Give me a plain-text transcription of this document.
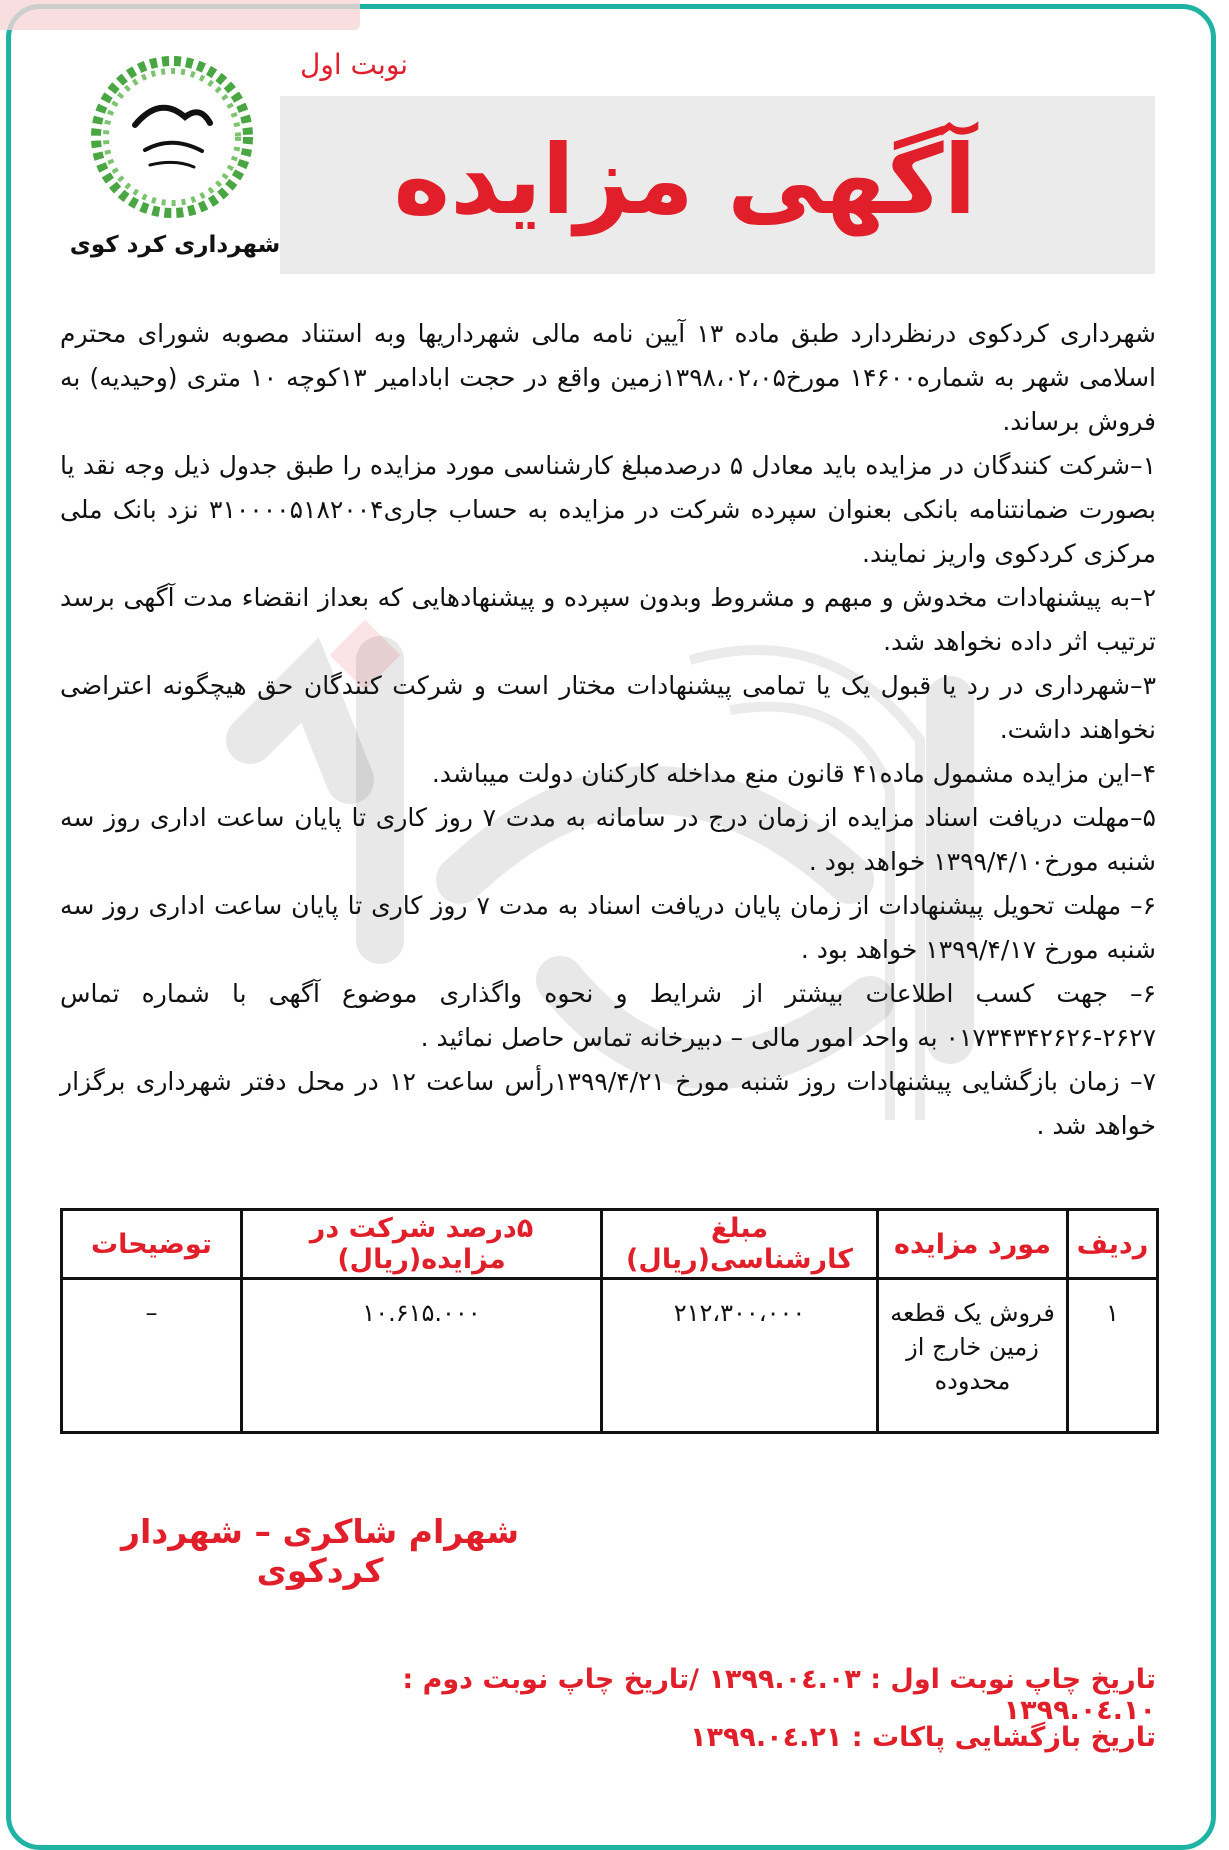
نوبت اول
آگهی مزایده
شهرداری کرد کوی

شهرداری کردکوی درنظردارد طبق ماده ۱۳ آیین نامه مالی شهرداریها وبه استناد مصوبه شورای محترم اسلامی شهر به شماره۱۴۶۰۰ مورخ۱۳۹۸،۰۲،۰۵زمین واقع در حجت ابادامیر ۱۳کوچه ۱۰ متری (وحیدیه) به فروش برساند.

۱–شرکت کنندگان در مزایده باید معادل ۵ درصدمبلغ کارشناسی مورد مزایده را طبق جدول ذیل وجه نقد یا بصورت ضمانتنامه بانکی بعنوان سپرده شرکت در مزایده به حساب جاری۳۱۰۰۰۰۵۱۸۲۰۰۴ نزد بانک ملی مرکزی کردکوی واریز نمایند.

۲–به پیشنهادات مخدوش و مبهم و مشروط وبدون سپرده و پیشنهادهایی که بعداز انقضاء مدت آگهی برسد ترتیب اثر داده نخواهد شد.

۳–شهرداری در رد یا قبول یک یا تمامی پیشنهادات مختار است و شرکت کنندگان حق هیچگونه اعتراضی نخواهند داشت.

۴–این مزایده مشمول ماده۴۱ قانون منع مداخله کارکنان دولت میباشد.

۵–مهلت دریافت اسناد مزایده از زمان درج در سامانه به مدت ۷ روز کاری تا پایان ساعت اداری روز سه شنبه مورخ۱۳۹۹/۴/۱۰ خواهد بود .

۶– مهلت تحویل پیشنهادات از زمان پایان دریافت اسناد به مدت ۷ روز کاری تا پایان ساعت اداری روز سه شنبه مورخ ۱۳۹۹/۴/۱۷ خواهد بود .

۶– جهت کسب اطلاعات بیشتر از شرایط و نحوه واگذاری موضوع آگهی با شماره تماس ۲۶۲۷-۰۱۷۳۴۳۴۲۶۲۶ به واحد امور مالی – دبیرخانه تماس حاصل نمائید .

۷– زمان بازگشایی پیشنهادات روز شنبه مورخ ۱۳۹۹/۴/۲۱رأس ساعت ۱۲ در محل دفتر شهرداری برگزار خواهد شد .

ردیف	مورد مزایده	مبلغ کارشناسی(ریال)	۵درصد شرکت در مزایده(ریال)	توضیحات
۱	فروش یک قطعه زمین خارج از محدوده	۲۱۲،۳۰۰،۰۰۰	۱۰.۶۱۵.۰۰۰	–
شهرام شاکری – شهردار کردکوی
تاریخ چاپ نوبت اول : ۱۳۹۹.۰٤.۰۳ /تاریخ چاپ نوبت دوم : ۱۳۹۹.۰٤.۱۰
تاریخ بازگشایی پاکات : ۱۳۹۹.۰٤.۲۱
